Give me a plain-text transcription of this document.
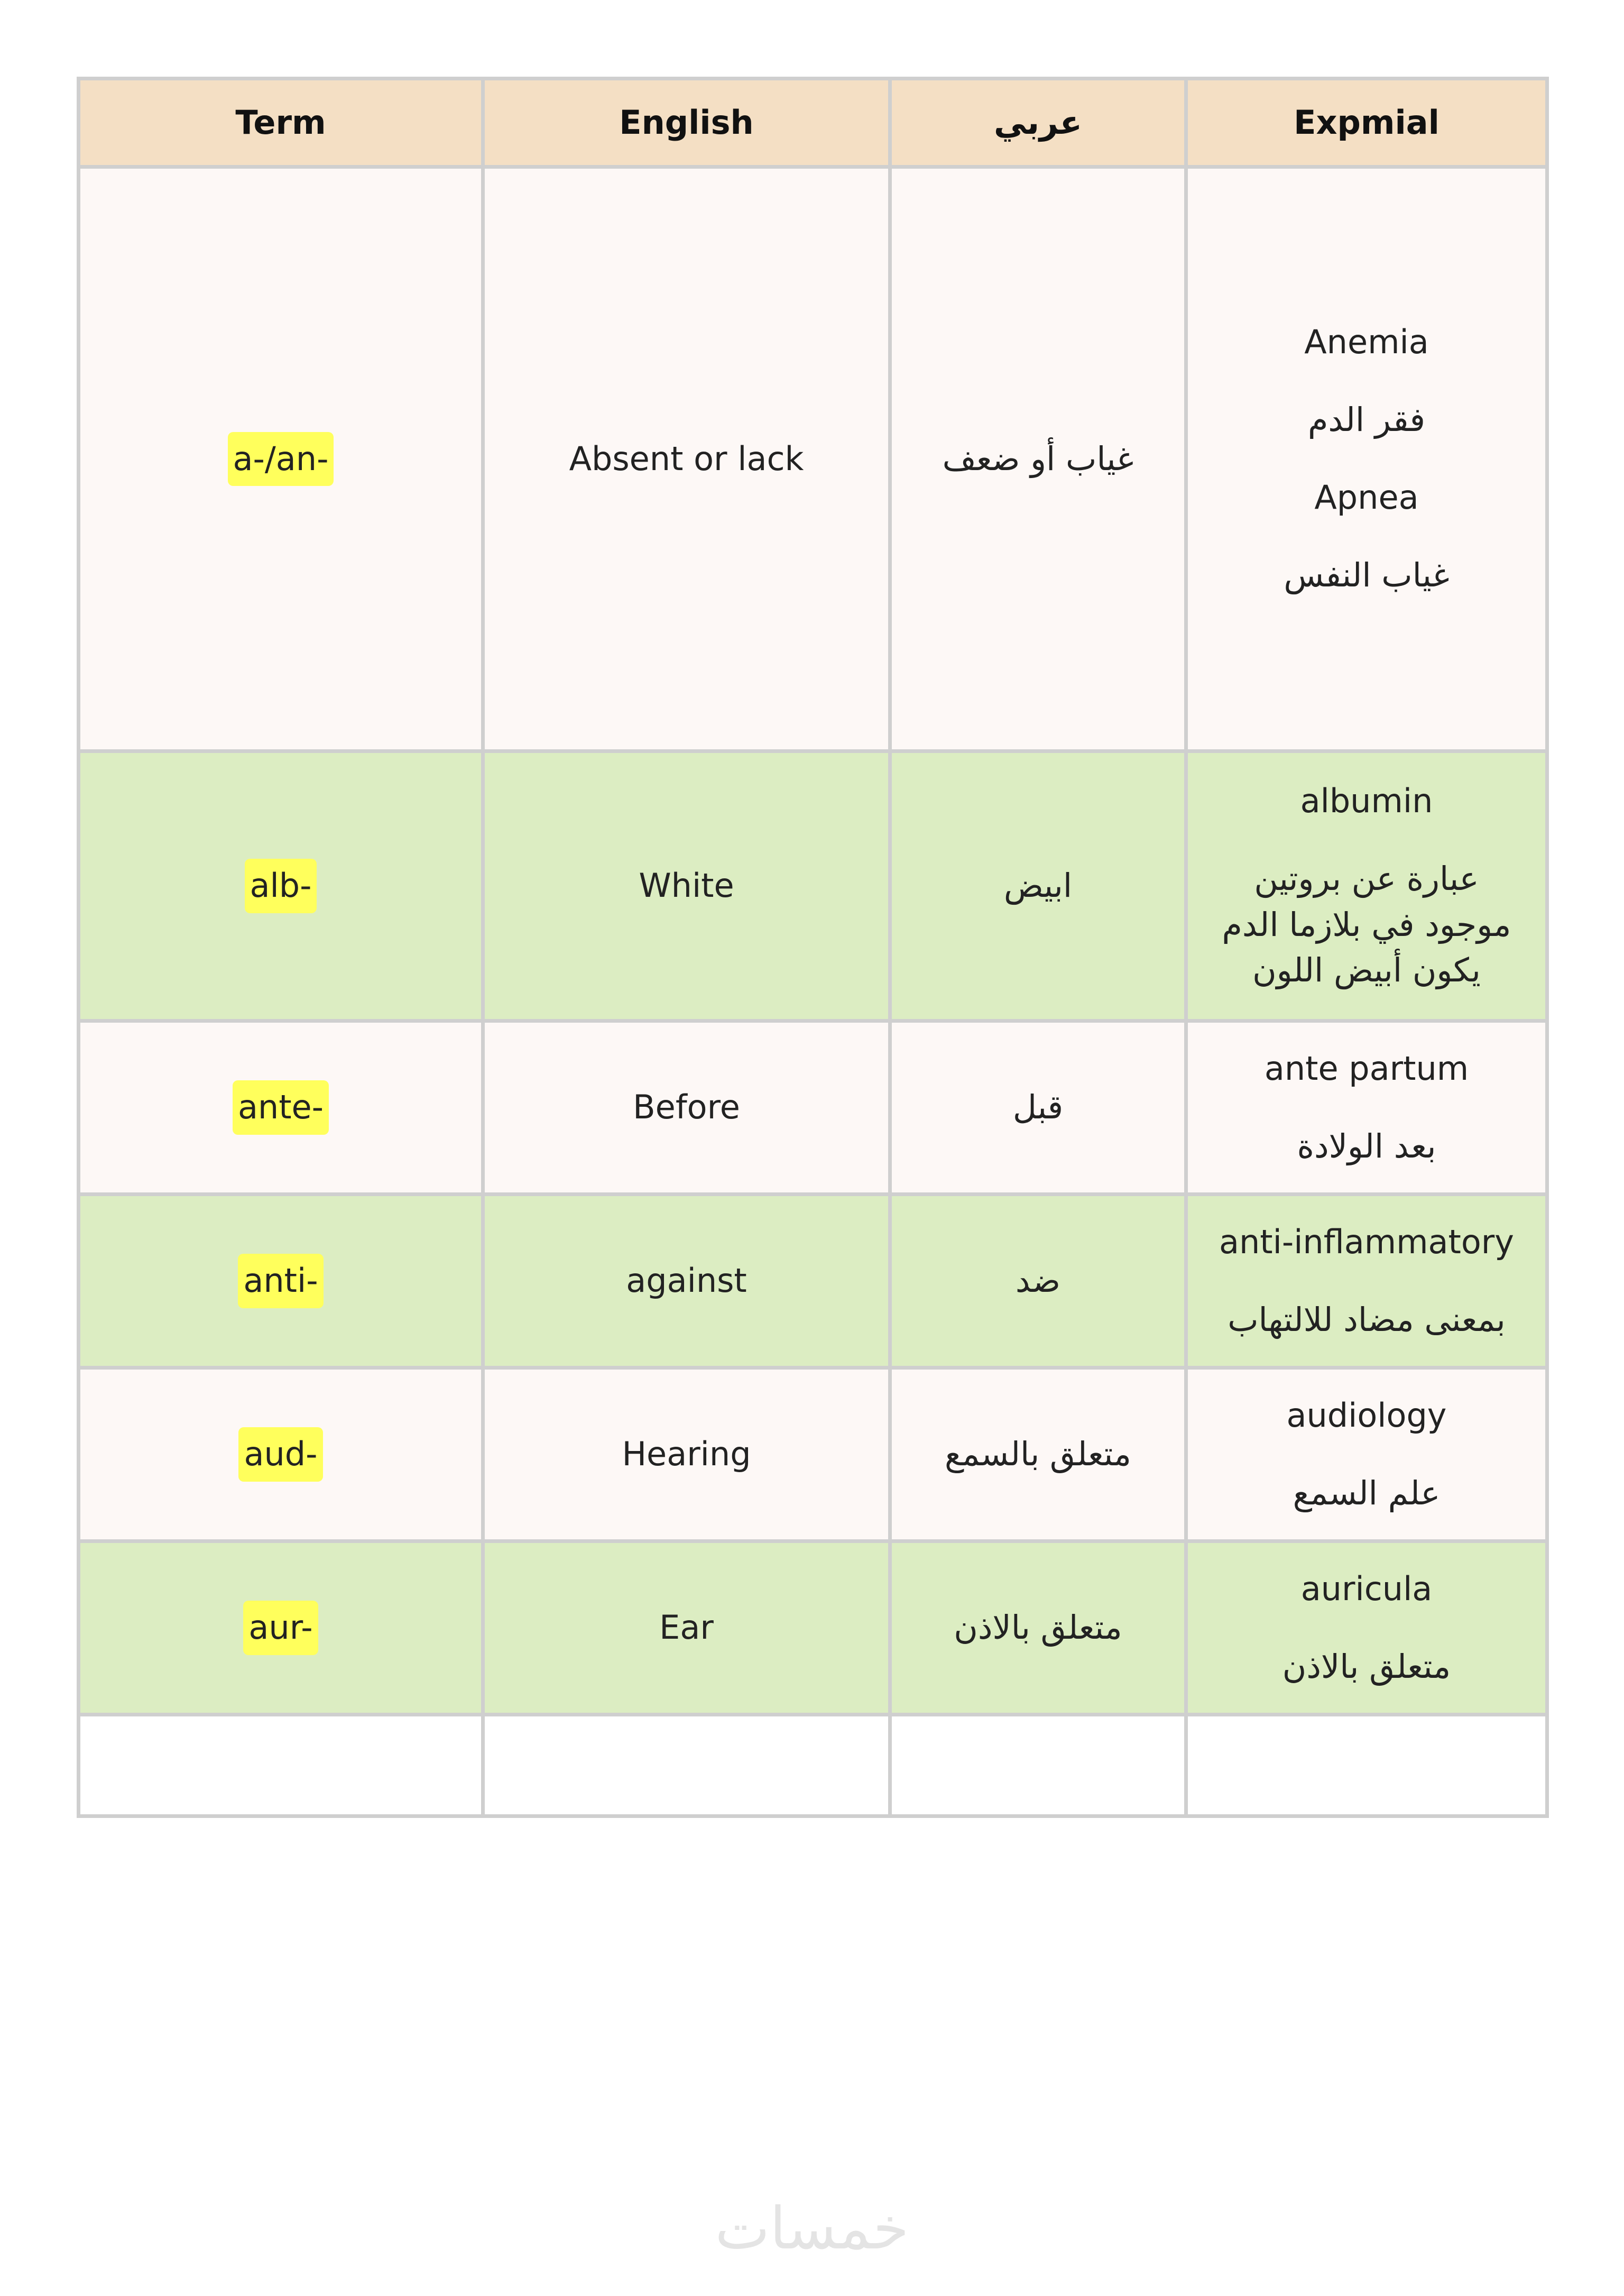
Term	English	عربي	Expmial
a-/an-	Absent or lack	غياب أو ضعف	Anemia
فقر الدم
Apnea
غياب النفس

alb-	White	ابيض	albumin
عبارة عن بروتين
موجود في بلازما الدم
يكون أبيض اللون

ante-	Before	قبل	ante partum
بعد الولادة

anti-	against	ضد	anti-inflammatory
بمعنى مضاد للالتهاب

aud-	Hearing	متعلق بالسمع	audiology
علم السمع

aur-	Ear	متعلق بالاذن	auricula
متعلق بالاذن

خمسات
